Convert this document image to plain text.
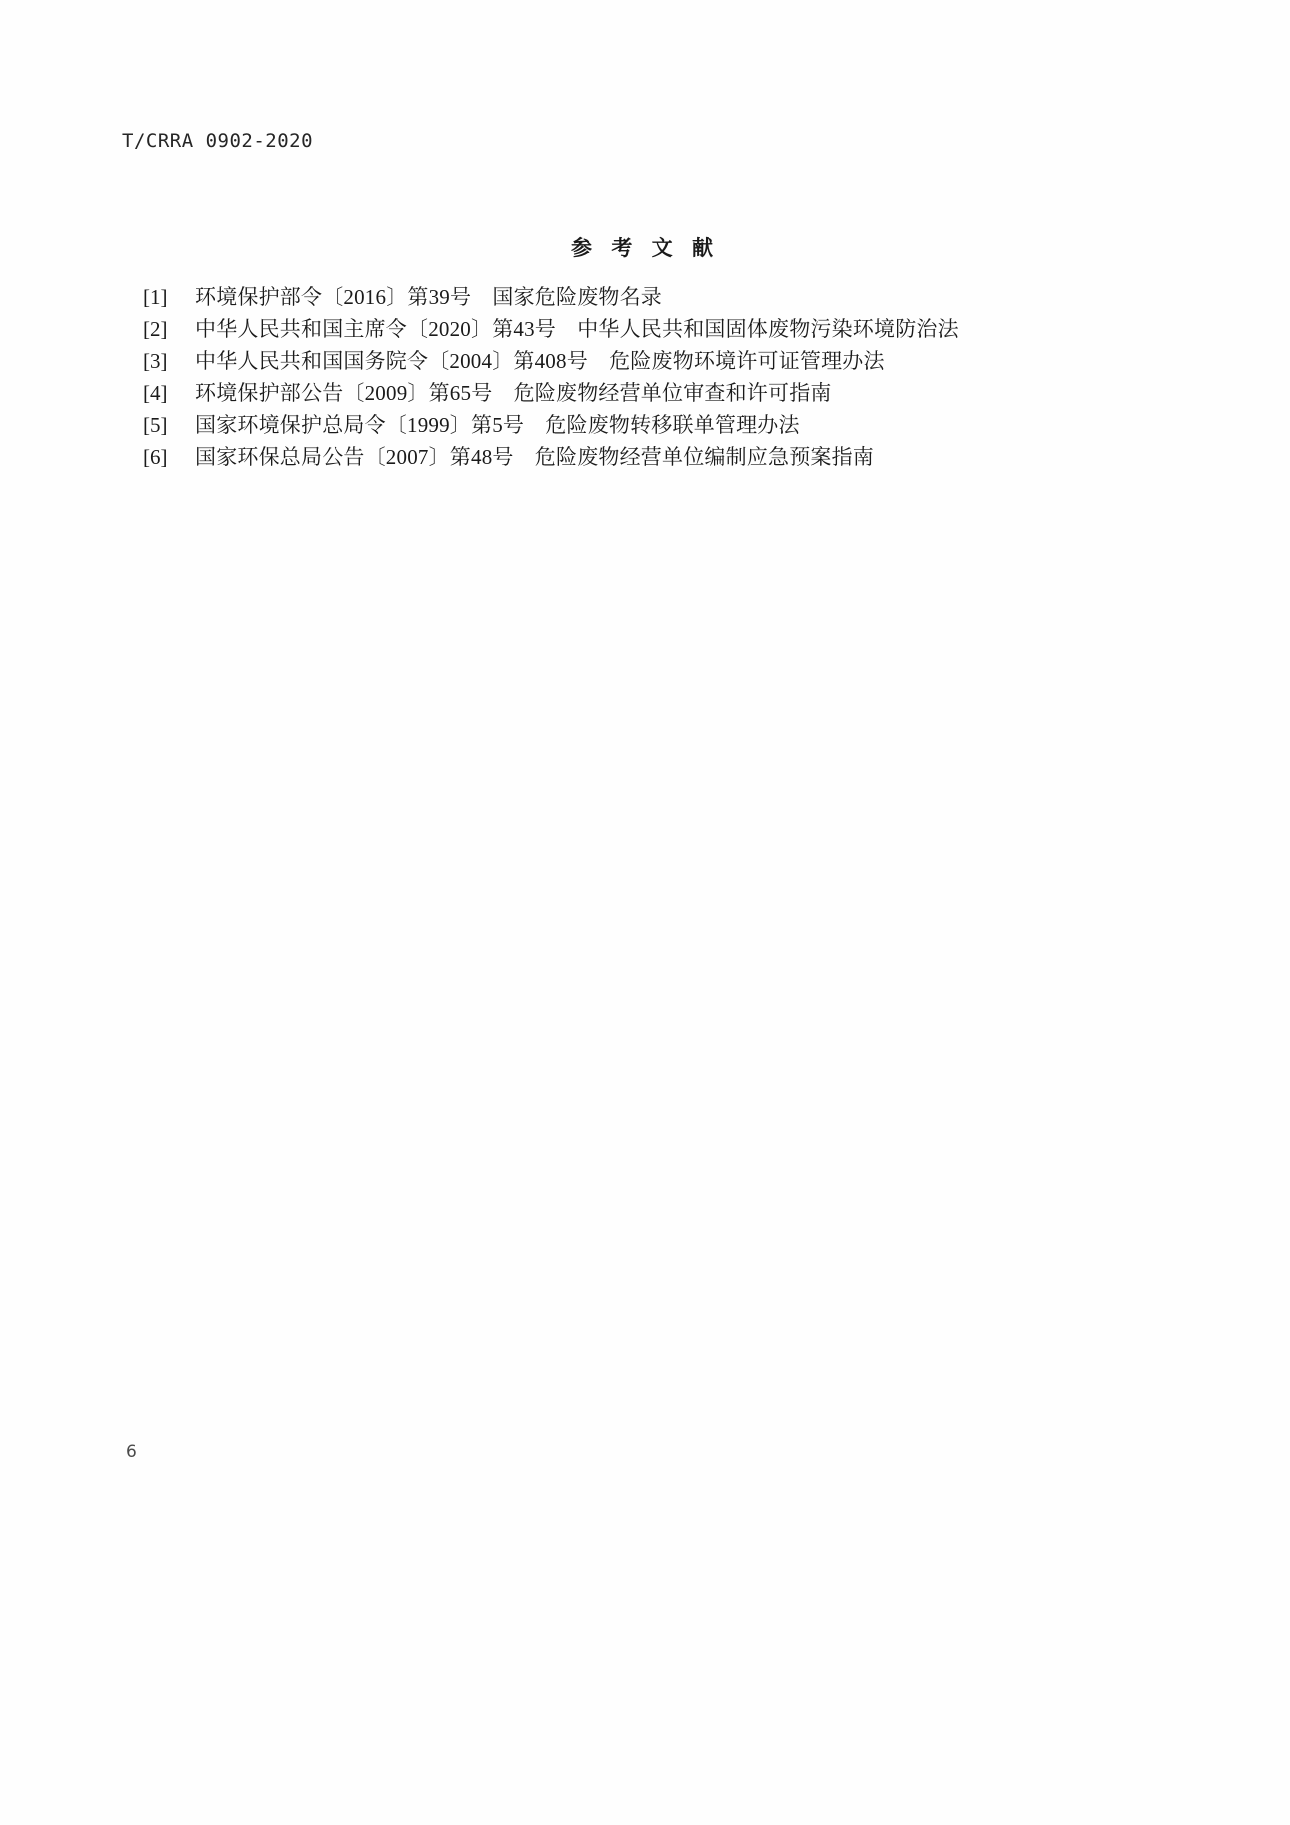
T/CRRA 0902-2020
参 考 文 献
[1]	环境保护部令〔2016〕第39号　国家危险废物名录
[2]	中华人民共和国主席令〔2020〕第43号　中华人民共和国固体废物污染环境防治法
[3]	中华人民共和国国务院令〔2004〕第408号　危险废物环境许可证管理办法
[4]	环境保护部公告〔2009〕第65号　危险废物经营单位审查和许可指南
[5]	国家环境保护总局令〔1999〕第5号　危险废物转移联单管理办法
[6]	国家环保总局公告〔2007〕第48号　危险废物经营单位编制应急预案指南
6
